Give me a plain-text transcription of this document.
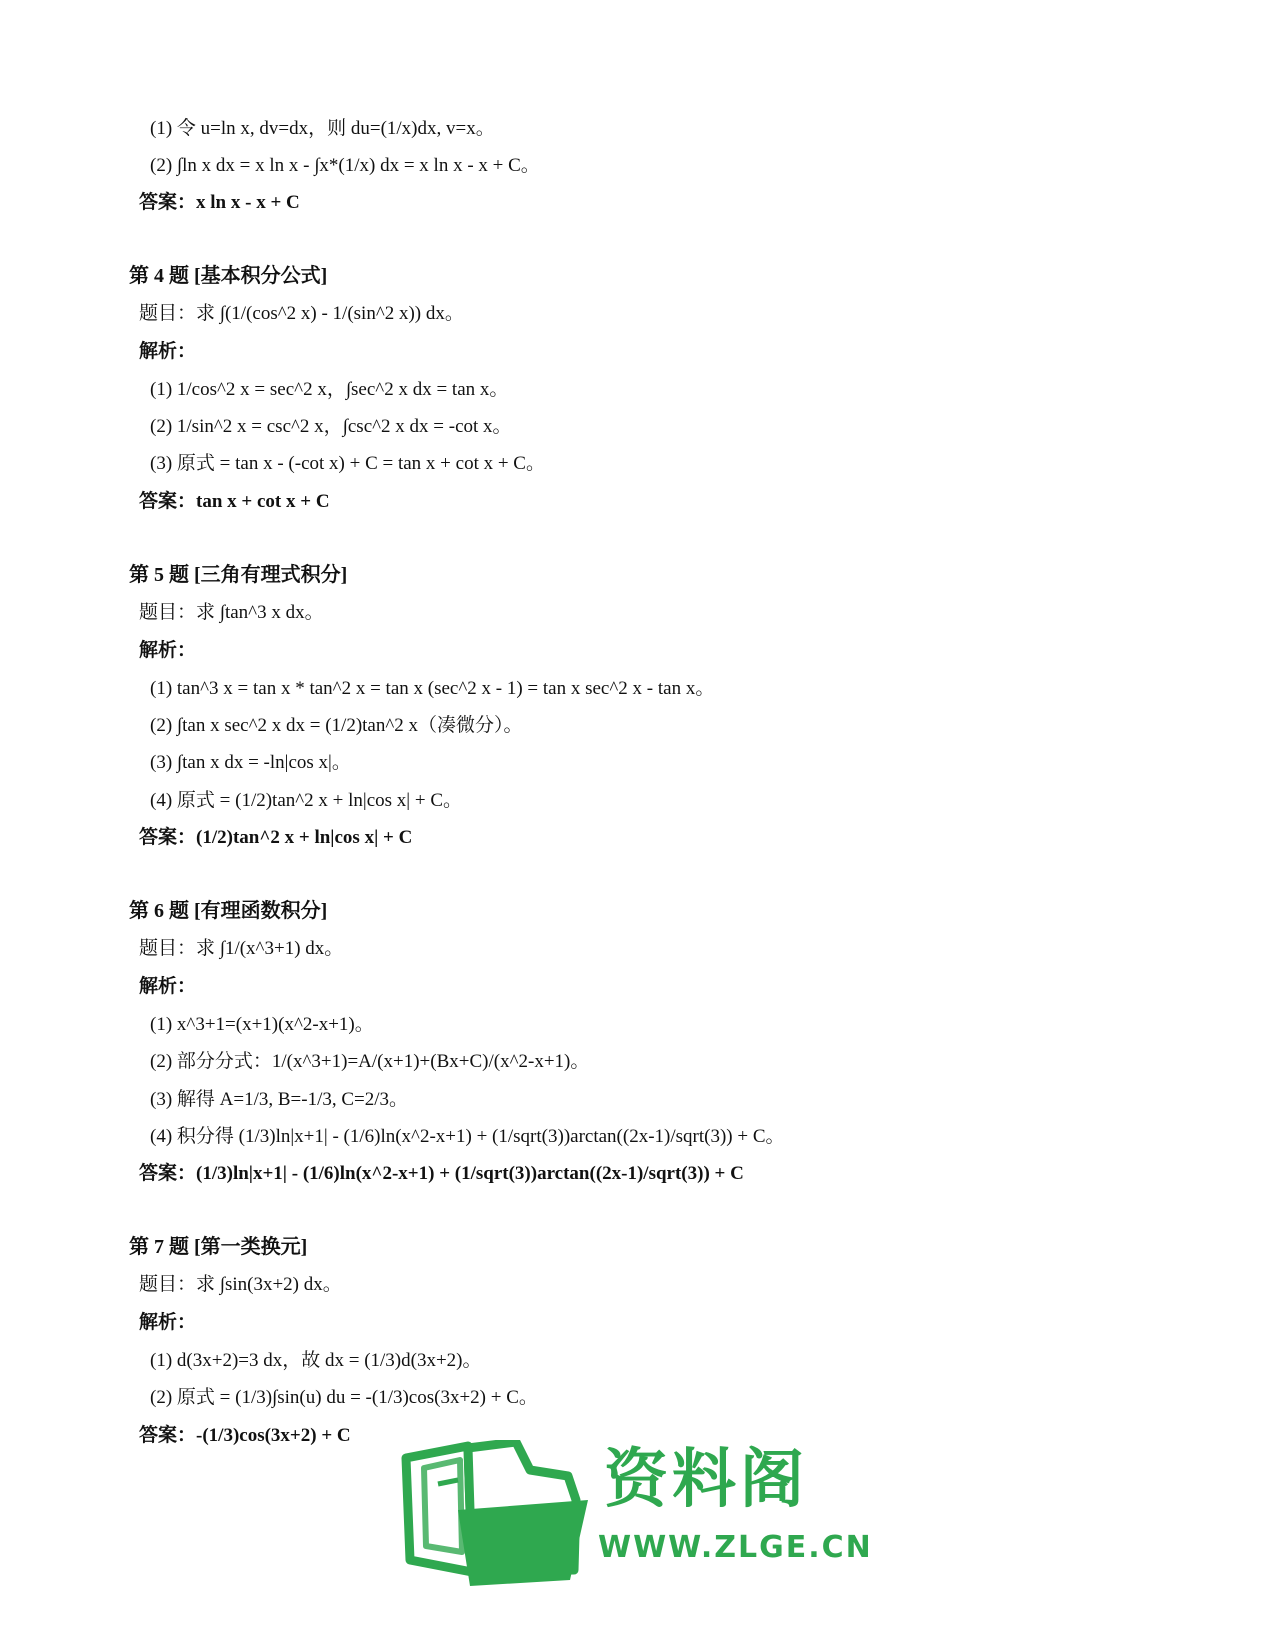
(1) 令 u=ln x, dv=dx，则 du=(1/x)dx, v=x。
(2) ∫ln x dx = x ln x - ∫x*(1/x) dx = x ln x - x + C。
答案：x ln x - x + C
第 4 题 [基本积分公式]
题目：求 ∫(1/(cos^2 x) - 1/(sin^2 x)) dx。
解析：
(1) 1/cos^2 x = sec^2 x，∫sec^2 x dx = tan x。
(2) 1/sin^2 x = csc^2 x，∫csc^2 x dx = -cot x。
(3) 原式 = tan x - (-cot x) + C = tan x + cot x + C。
答案：tan x + cot x + C
第 5 题 [三角有理式积分]
题目：求 ∫tan^3 x dx。
解析：
(1) tan^3 x = tan x * tan^2 x = tan x (sec^2 x - 1) = tan x sec^2 x - tan x。
(2) ∫tan x sec^2 x dx = (1/2)tan^2 x（凑微分）。
(3) ∫tan x dx = -ln|cos x|。
(4) 原式 = (1/2)tan^2 x + ln|cos x| + C。
答案：(1/2)tan^2 x + ln|cos x| + C
第 6 题 [有理函数积分]
题目：求 ∫1/(x^3+1) dx。
解析：
(1) x^3+1=(x+1)(x^2-x+1)。
(2) 部分分式：1/(x^3+1)=A/(x+1)+(Bx+C)/(x^2-x+1)。
(3) 解得 A=1/3, B=-1/3, C=2/3。
(4) 积分得 (1/3)ln|x+1| - (1/6)ln(x^2-x+1) + (1/sqrt(3))arctan((2x-1)/sqrt(3)) + C。
答案：(1/3)ln|x+1| - (1/6)ln(x^2-x+1) + (1/sqrt(3))arctan((2x-1)/sqrt(3)) + C
第 7 题 [第一类换元]
题目：求 ∫sin(3x+2) dx。
解析：
(1) d(3x+2)=3 dx，故 dx = (1/3)d(3x+2)。
(2) 原式 = (1/3)∫sin(u) du = -(1/3)cos(3x+2) + C。
答案：-(1/3)cos(3x+2) + C
资料阁
WWW.ZLGE.CN
